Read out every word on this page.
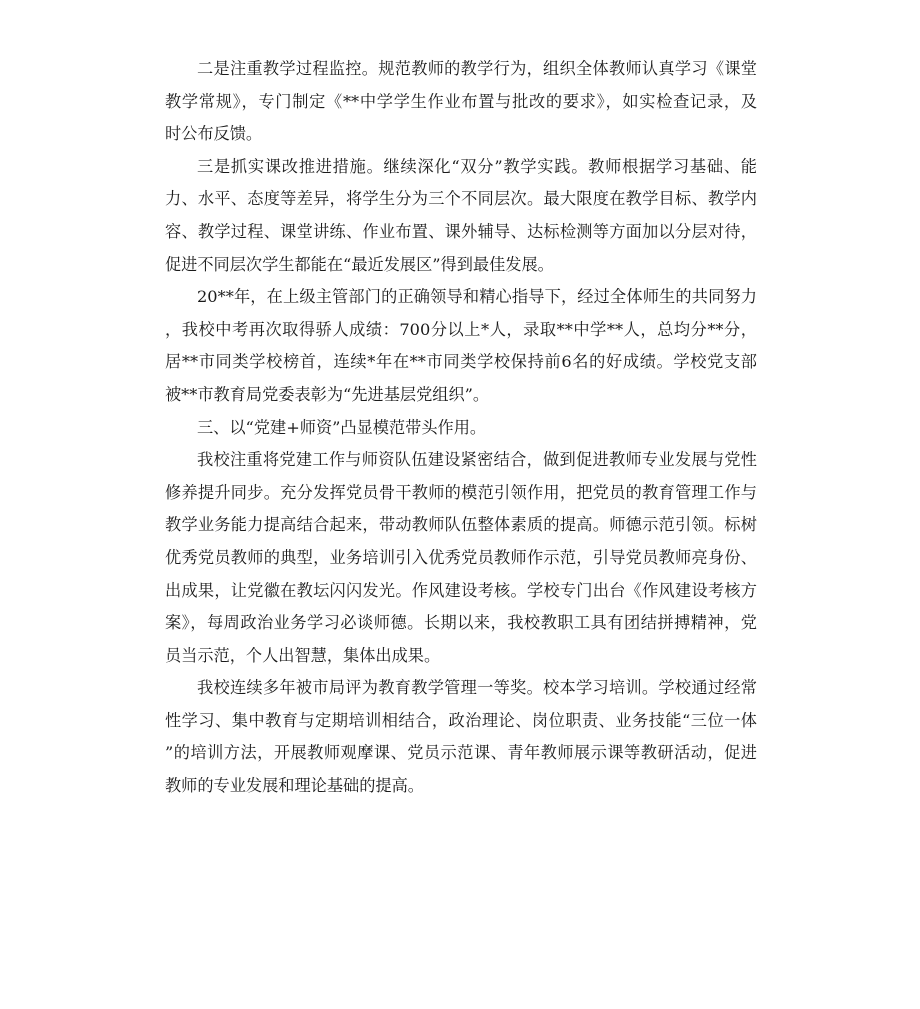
二是注重教学过程监控。规范教师的教学行为，组织全体教师认真学习《课堂

教学常规》，专门制定《**中学学生作业布置与批改的要求》，如实检查记录，及

时公布反馈。

三是抓实课改推进措施。继续深化“双分”教学实践。教师根据学习基础、能

力、水平、态度等差异，将学生分为三个不同层次。最大限度在教学目标、教学内

容、教学过程、课堂讲练、作业布置、课外辅导、达标检测等方面加以分层对待，

促进不同层次学生都能在“最近发展区”得到最佳发展。

20**年，在上级主管部门的正确领导和精心指导下，经过全体师生的共同努力

，我校中考再次取得骄人成绩：700分以上*人，录取**中学**人，总均分**分，

居**市同类学校榜首，连续*年在**市同类学校保持前6名的好成绩。学校党支部

被**市教育局党委表彰为“先进基层党组织”。

三、以“党建+师资”凸显模范带头作用。

我校注重将党建工作与师资队伍建设紧密结合，做到促进教师专业发展与党性

修养提升同步。充分发挥党员骨干教师的模范引领作用，把党员的教育管理工作与

教学业务能力提高结合起来，带动教师队伍整体素质的提高。师德示范引领。标树

优秀党员教师的典型，业务培训引入优秀党员教师作示范，引导党员教师亮身份、

出成果，让党徽在教坛闪闪发光。作风建设考核。学校专门出台《作风建设考核方

案》，每周政治业务学习必谈师德。长期以来，我校教职工具有团结拼搏精神，党

员当示范，个人出智慧，集体出成果。

我校连续多年被市局评为教育教学管理一等奖。校本学习培训。学校通过经常

性学习、集中教育与定期培训相结合，政治理论、岗位职责、业务技能“三位一体

”的培训方法，开展教师观摩课、党员示范课、青年教师展示课等教研活动，促进

教师的专业发展和理论基础的提高。
